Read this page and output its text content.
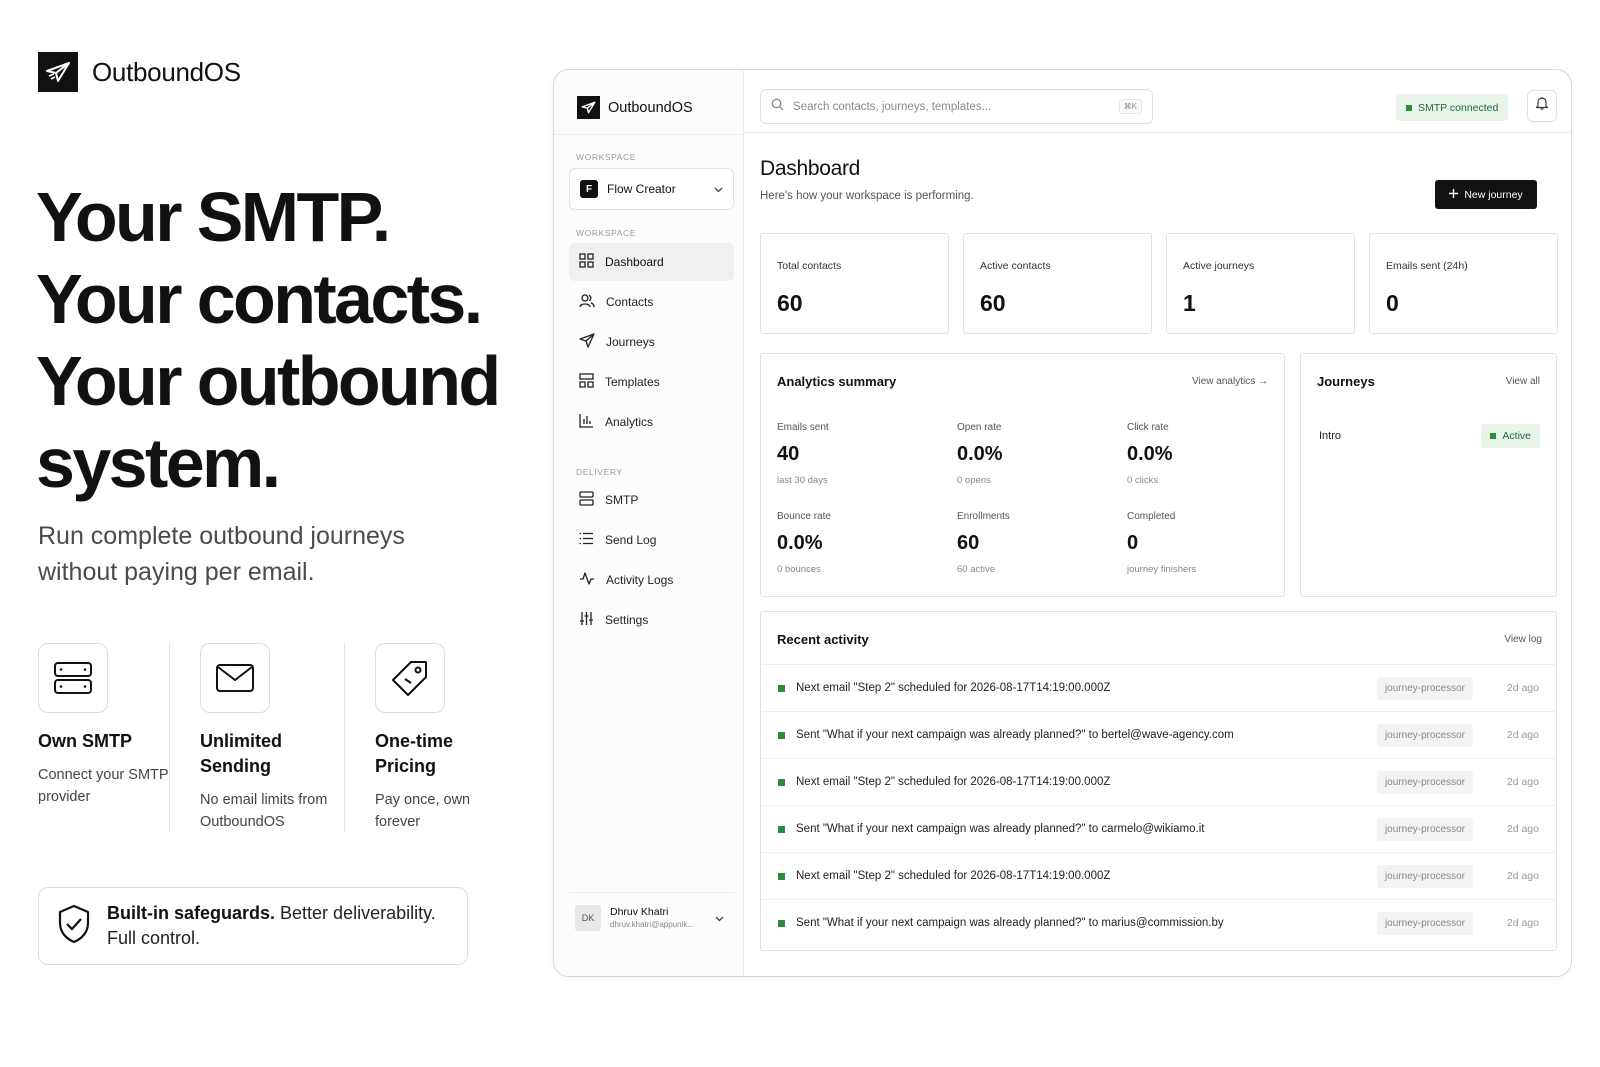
OutboundOS
Your SMTP.
Your contacts.
Your outbound
system.
Run complete outbound journeys without paying per email.
Own SMTP
Connect your SMTP provider
Unlimited Sending
No email limits from OutboundOS
One-time Pricing
Pay once, own forever
Built-in safeguards. Better deliverability. Full control.
OutboundOS
WORKSPACE
F	Flow Creator
WORKSPACE
Dashboard
Contacts
Journeys
Templates
Analytics
DELIVERY
SMTP
Send Log
Activity Logs
Settings
DK	Dhruv Khatri
dhruv.khatri@appunik...
Search contacts, journeys, templates...	⌘K	SMTP connected
Dashboard
Here's how your workspace is performing.	New journey
Total contacts
60
Active contacts
60
Active journeys
1
Emails sent (24h)
0
Analytics summary	View analytics →
Emails sent
40
last 30 days
Open rate
0.0%
0 opens
Click rate
0.0%
0 clicks
Bounce rate
0.0%
0 bounces
Enrollments
60
60 active
Completed
0
journey finishers
Journeys	View all
Intro	Active
Recent activity	View log
Next email "Step 2" scheduled for 2026-08-17T14:19:00.000Z	journey-processor	2d ago
Sent "What if your next campaign was already planned?" to bertel@wave-agency.com	journey-processor	2d ago
Next email "Step 2" scheduled for 2026-08-17T14:19:00.000Z	journey-processor	2d ago
Sent "What if your next campaign was already planned?" to carmelo@wikiamo.it	journey-processor	2d ago
Next email "Step 2" scheduled for 2026-08-17T14:19:00.000Z	journey-processor	2d ago
Sent "What if your next campaign was already planned?" to marius@commission.by	journey-processor	2d ago
